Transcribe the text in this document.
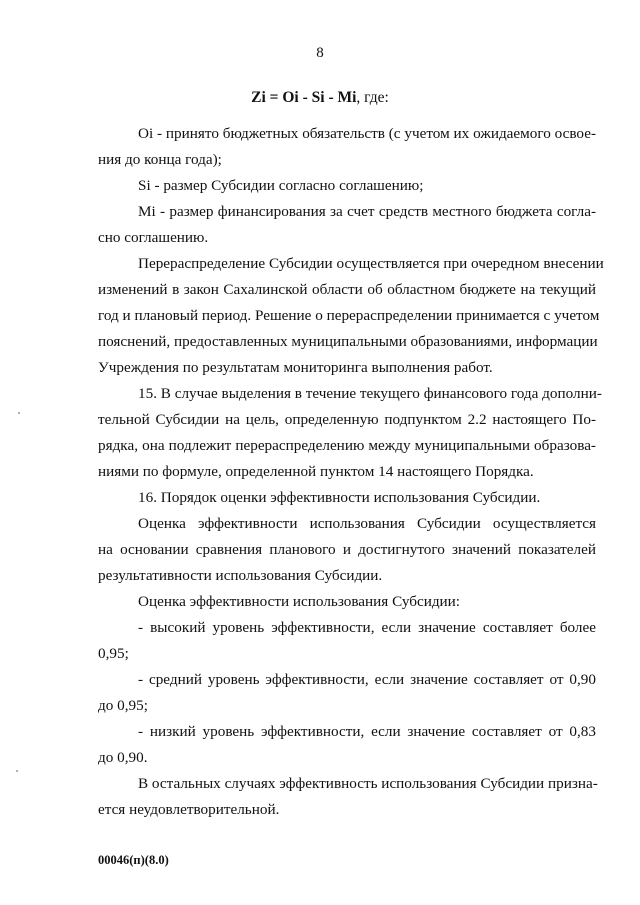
8
Zi = Oi - Si - Mi, где:
Oi - принято бюджетных обязательств (с учетом их ожидаемого освое-
ния до конца года);
Si - размер Субсидии согласно соглашению;
Mi - размер финансирования за счет средств местного бюджета согла-
сно соглашению.
Перераспределение Субсидии осуществляется при очередном внесении
изменений в закон Сахалинской области об областном бюджете на текущий
год и плановый период. Решение о перераспределении принимается с учетом
пояснений, предоставленных муниципальными образованиями, информации
Учреждения по результатам мониторинга выполнения работ.
15. В случае выделения в течение текущего финансового года дополни-
тельной Субсидии на цель, определенную подпунктом 2.2 настоящего По-
рядка, она подлежит перераспределению между муниципальными образова-
ниями по формуле, определенной пунктом 14 настоящего Порядка.
16. Порядок оценки эффективности использования Субсидии.
Оценка эффективности использования Субсидии осуществляется
на основании сравнения планового и достигнутого значений показателей
результативности использования Субсидии.
Оценка эффективности использования Субсидии:
- высокий уровень эффективности, если значение составляет более
0,95;
- средний уровень эффективности, если значение составляет от 0,90
до 0,95;
- низкий уровень эффективности, если значение составляет от 0,83
до 0,90.
В остальных случаях эффективность использования Субсидии призна-
ется неудовлетворительной.
00046(п)(8.0)
